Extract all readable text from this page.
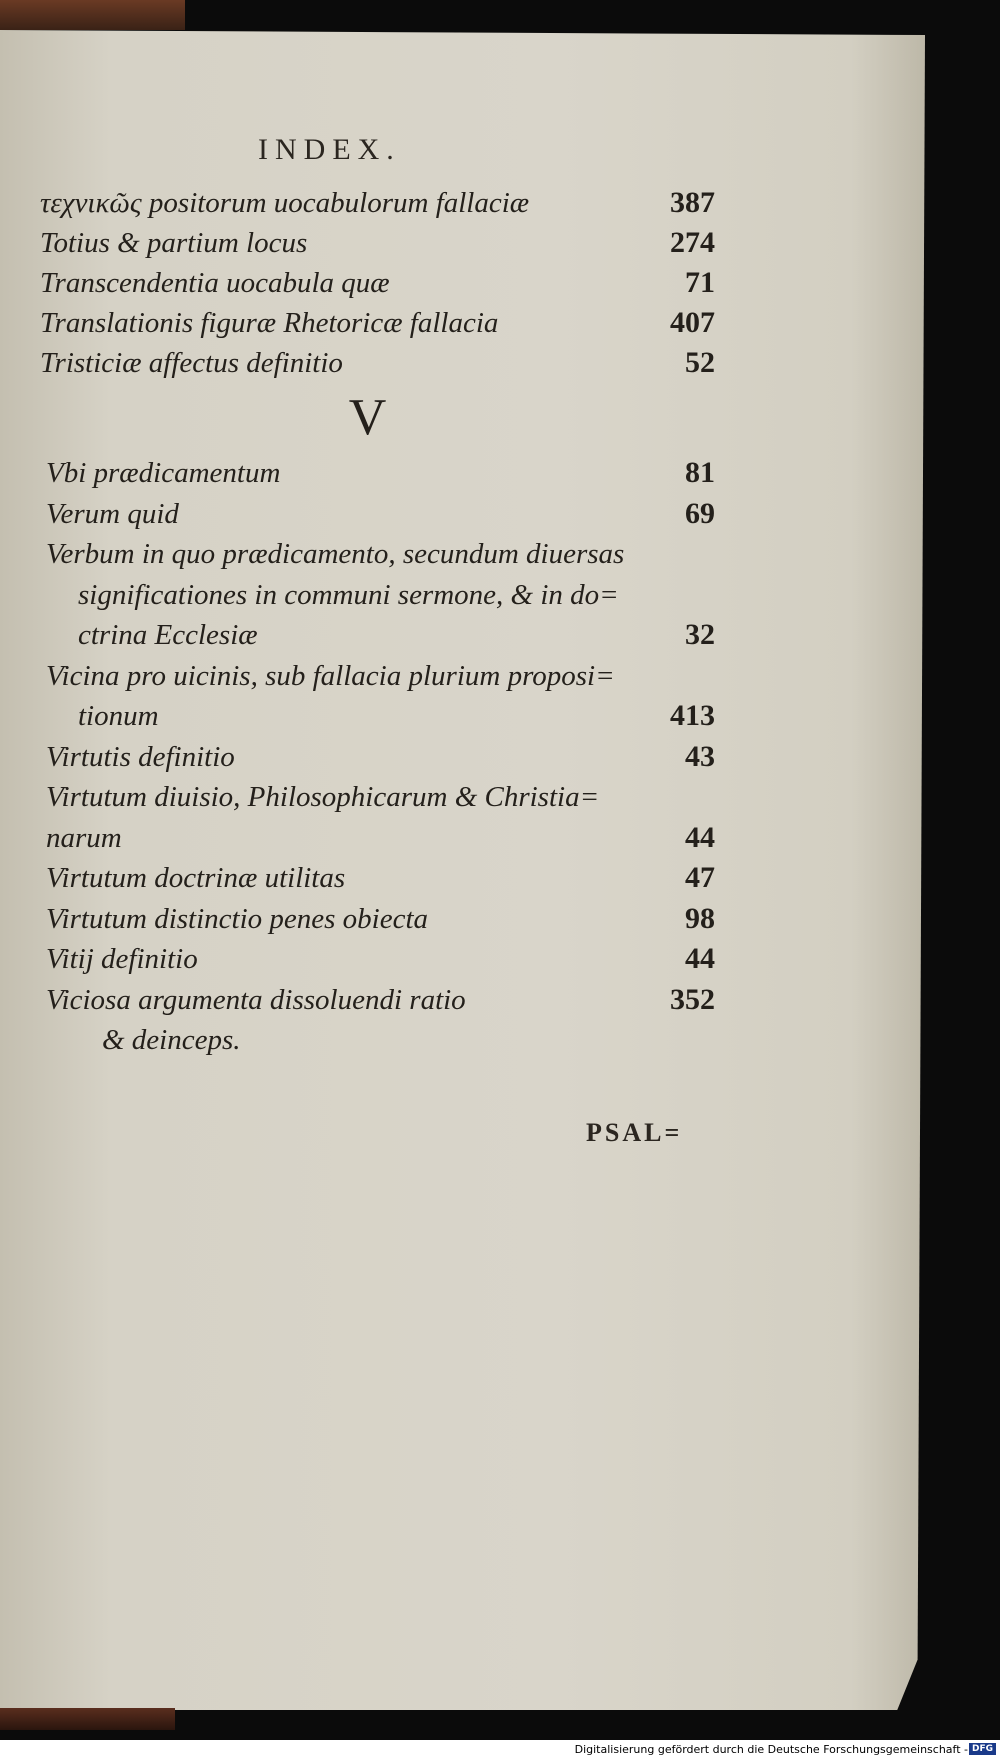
INDEX.
τεχνικῶς positorum uocabulorum fallaciæ	387
Totius & partium locus	274
Transcendentia uocabula quæ	71
Translationis figuræ Rhetoricæ fallacia	407
Tristiciæ affectus definitio	52
V
Vbi prædicamentum	81
Verum quid	69
Verbum in quo prædicamento, secundum diuersas
significationes in communi sermone, & in do=
ctrina Ecclesiæ	32
Vicina pro uicinis, sub fallacia plurium proposi=
tionum	413
Virtutis definitio	43
Virtutum diuisio, Philosophicarum & Christia=
narum	44
Virtutum doctrinæ utilitas	47
Virtutum distinctio penes obiecta	98
Vitij definitio	44
Viciosa argumenta dissoluendi ratio	352
& deinceps.
PSAL=
Digitalisierung gefördert durch die Deutsche Forschungsgemeinschaft - DFG
